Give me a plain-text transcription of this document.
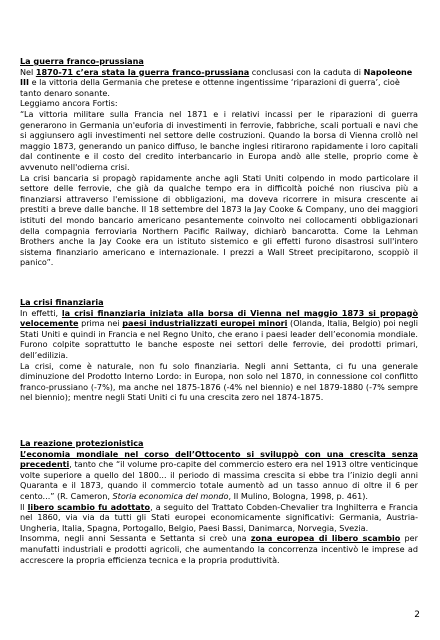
La guerra franco-prussiana

Nel 1870-71 c’era stata la guerra franco-prussiana conclusasi con la caduta di Napoleone III e la vittoria della Germania che pretese e ottenne ingentissime ‘riparazioni di guerra’, cioè tanto denaro sonante.

Leggiamo ancora Fortis:

“La vittoria militare sulla Francia nel 1871 e i relativi incassi per le riparazioni di guerra generarono in Germania un'euforia di investimenti in ferrovie, fabbriche, scali portuali e navi che si aggiunsero agli investimenti nel settore delle costruzioni. Quando la borsa di Vienna crollò nel maggio 1873, generando un panico diffuso, le banche inglesi ritirarono rapidamente i loro capitali dal continente e il costo del credito interbancario in Europa andò alle stelle, proprio come è avvenuto nell'odierna crisi.

La crisi bancaria si propagò rapidamente anche agli Stati Uniti colpendo in modo particolare il settore delle ferrovie, che già da qualche tempo era in difficoltà poiché non riusciva più a finanziarsi attraverso l'emissione di obbligazioni, ma doveva ricorrere in misura crescente ai prestiti a breve dalle banche. Il 18 settembre del 1873 la Jay Cooke & Company, uno dei maggiori istituti del mondo bancario americano pesantemente coinvolto nei collocamenti obbligazionari della compagnia ferroviaria Northern Pacific Railway, dichiarò bancarotta. Come la Lehman Brothers anche la Jay Cooke era un istituto sistemico e gli effetti furono disastrosi sull'intero sistema finanziario americano e internazionale. I prezzi a Wall Street precipitarono, scoppiò il panico”.

La crisi finanziaria

In effetti, la crisi finanziaria iniziata alla borsa di Vienna nel maggio 1873 si propagò velocemente prima nei paesi industrializzati europei minori (Olanda, Italia, Belgio) poi negli Stati Uniti e quindi in Francia e nel Regno Unito, che erano i paesi leader dell’economia mondiale. Furono colpite soprattutto le banche esposte nei settori delle ferrovie, dei prodotti primari, dell’edilizia.

La crisi, come è naturale, non fu solo finanziaria. Negli anni Settanta, ci fu una generale diminuzione del Prodotto Interno Lordo: in Europa, non solo nel 1870, in connessione col conflitto franco-prussiano (-7%), ma anche nel 1875-1876 (-4% nel biennio) e nel 1879-1880 (-7% sempre nel biennio); mentre negli Stati Uniti ci fu una crescita zero nel 1874-1875.

La reazione protezionistica

L’economia mondiale nel corso dell’Ottocento si sviluppò con una crescita senza precedenti, tanto che “il volume pro-capite del commercio estero era nel 1913 oltre venticinque volte superiore a quello del 1800... il periodo di massima crescita si ebbe tra l’inizio degli anni Quaranta e il 1873, quando il commercio totale aumentò ad un tasso annuo di oltre il 6 per cento...” (R. Cameron, Storia economica del mondo, Il Mulino, Bologna, 1998, p. 461).

Il libero scambio fu adottato, a seguito del Trattato Cobden-Chevalier tra Inghilterra e Francia nel 1860, via via da tutti gli Stati europei economicamente significativi: Germania, Austria-Ungheria, Italia, Spagna, Portogallo, Belgio, Paesi Bassi, Danimarca, Norvegia, Svezia.

Insomma, negli anni Sessanta e Settanta si creò una zona europea di libero scambio per manufatti industriali e prodotti agricoli, che aumentando la concorrenza incentivò le imprese ad accrescere la propria efficienza tecnica e la propria produttività.

2
